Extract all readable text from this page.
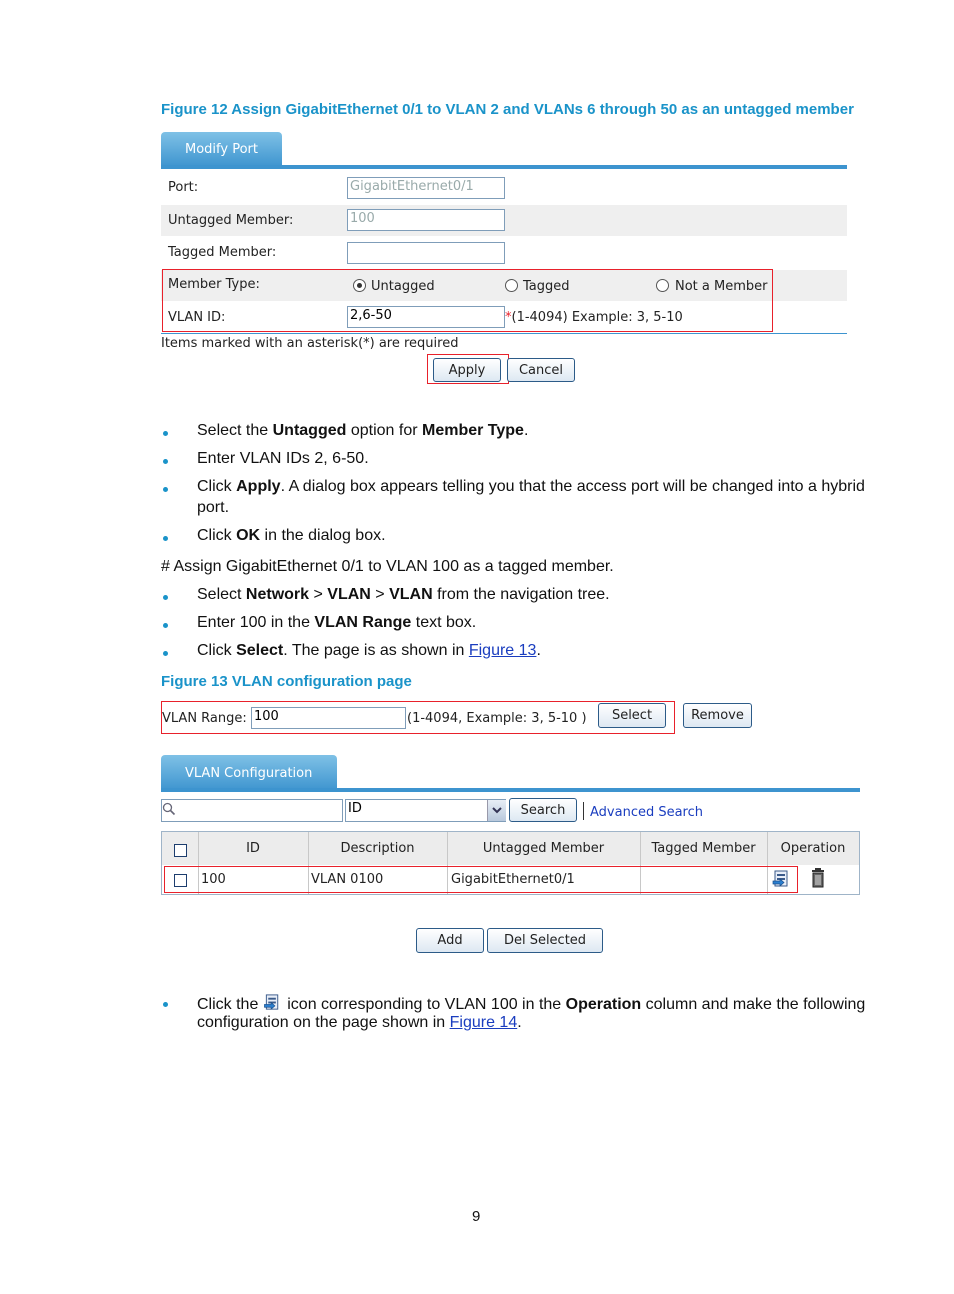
Figure 12 Assign GigabitEthernet 0/1 to VLAN 2 and VLANs 6 through 50 as an untagged member
Modify Port
Port:	GigabitEthernet0/1
Untagged Member:	100
Tagged Member:
Member Type:	Untagged	Tagged	Not a Member
VLAN ID:	2,6-50	*(1-4094) Example: 3, 5-10
Items marked with an asterisk(*) are required
Apply	Cancel
Select the Untagged option for Member Type.
Enter VLAN IDs 2, 6-50.
Click Apply. A dialog box appears telling you that the access port will be changed into a hybrid
port.
Click OK in the dialog box.
# Assign GigabitEthernet 0/1 to VLAN 100 as a tagged member.
Select Network > VLAN > VLAN from the navigation tree.
Enter 100 in the VLAN Range text box.
Click Select. The page is as shown in Figure 13.
Figure 13 VLAN configuration page
VLAN Range: 100	(1-4094, Example: 3, 5-10 ) Select	Remove
VLAN Configuration
ID	Search Advanced Search
ID	Description	Untagged Member	Tagged Member	Operation
100	VLAN 0100	GigabitEthernet0/1
Add	Del Selected
Click the  icon corresponding to VLAN 100 in the Operation column and make the following
configuration on the page shown in Figure 14.
9
